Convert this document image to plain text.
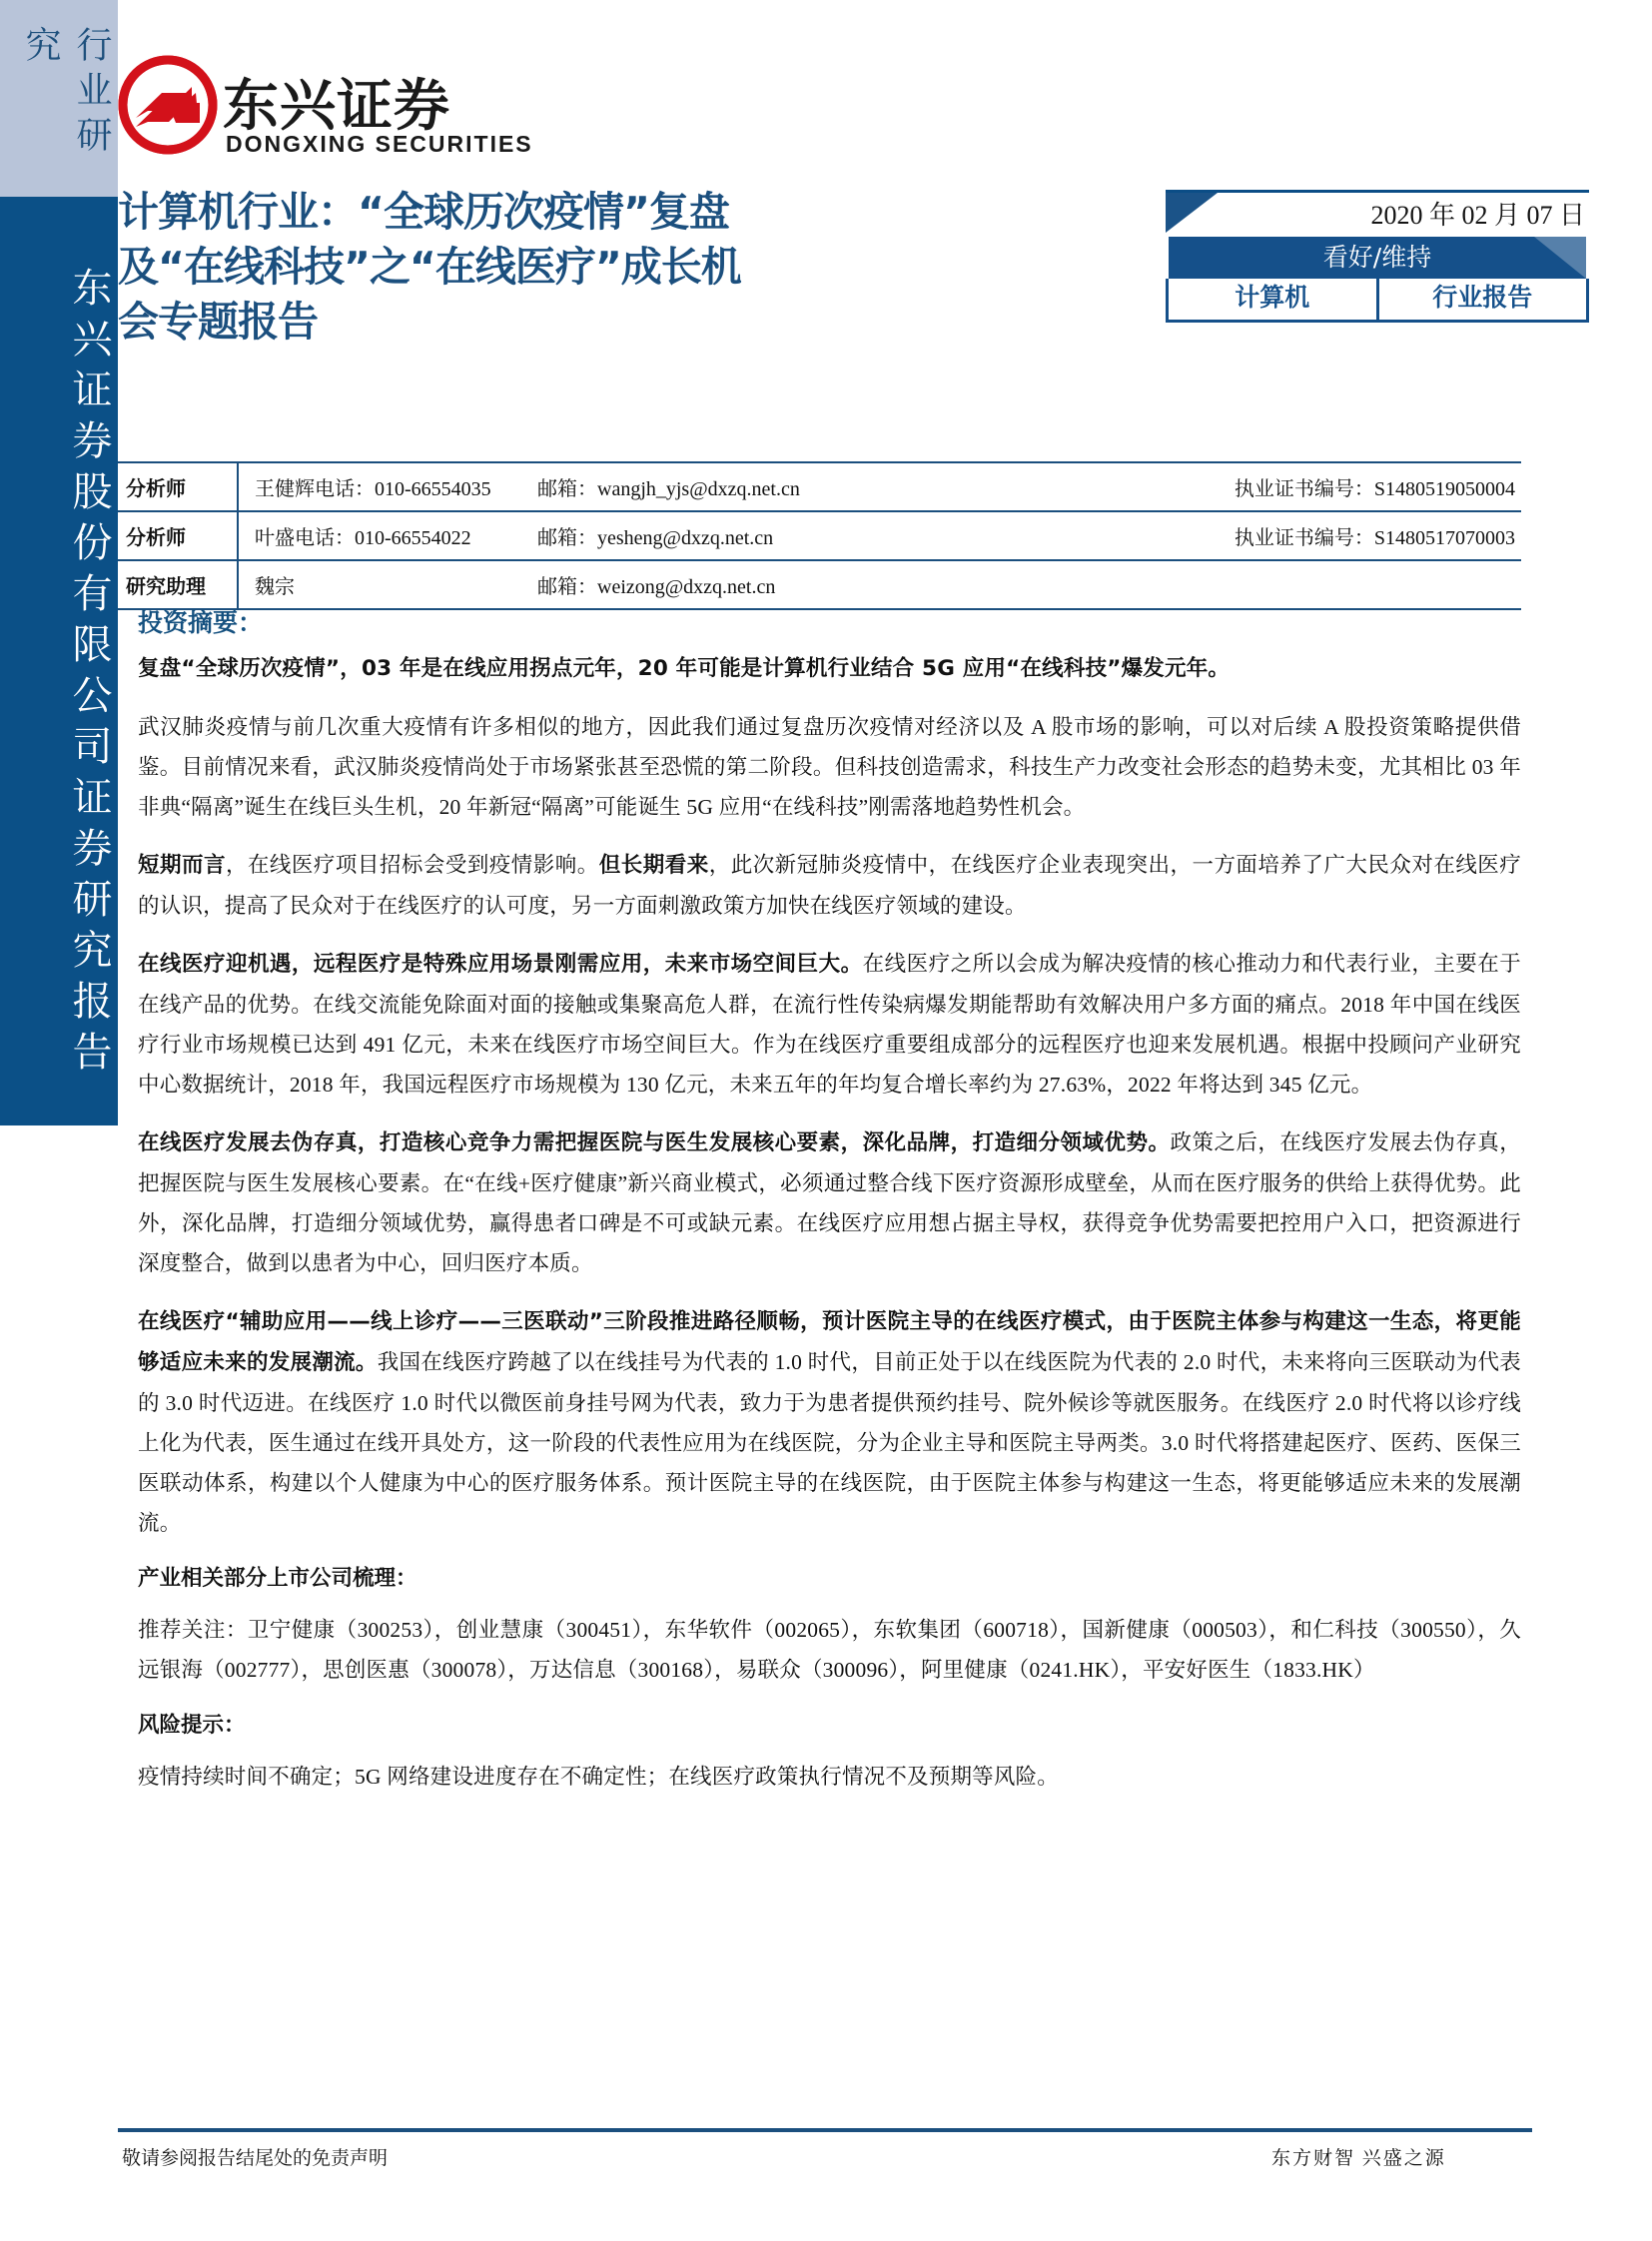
行业研究
东兴证券股份有限公司证券研究报告
东兴证券
DONGXING SECURITIES
计算机行业：“全球历次疫情”复盘及“在线科技”之“在线医疗”成长机会专题报告
2020 年 02 月 07 日
看好/维持
计算机	行业报告
分析师	王健辉电话：010-66554035	邮箱：wangjh_yjs@dxzq.net.cn	执业证书编号：S1480519050004
分析师	叶盛电话：010-66554022	邮箱：yesheng@dxzq.net.cn	执业证书编号：S1480517070003
研究助理	魏宗	邮箱：weizong@dxzq.net.cn	
投资摘要：

复盘“全球历次疫情”，03 年是在线应用拐点元年，20 年可能是计算机行业结合 5G 应用“在线科技”爆发元年。

武汉肺炎疫情与前几次重大疫情有许多相似的地方，因此我们通过复盘历次疫情对经济以及 A 股市场的影响，可以对后续 A 股投资策略提供借鉴。目前情况来看，武汉肺炎疫情尚处于市场紧张甚至恐慌的第二阶段。但科技创造需求，科技生产力改变社会形态的趋势未变，尤其相比 03 年非典“隔离”诞生在线巨头生机，20 年新冠“隔离”可能诞生 5G 应用“在线科技”刚需落地趋势性机会。

短期而言，在线医疗项目招标会受到疫情影响。但长期看来，此次新冠肺炎疫情中，在线医疗企业表现突出，一方面培养了广大民众对在线医疗的认识，提高了民众对于在线医疗的认可度，另一方面刺激政策方加快在线医疗领域的建设。

在线医疗迎机遇，远程医疗是特殊应用场景刚需应用，未来市场空间巨大。在线医疗之所以会成为解决疫情的核心推动力和代表行业，主要在于在线产品的优势。在线交流能免除面对面的接触或集聚高危人群，在流行性传染病爆发期能帮助有效解决用户多方面的痛点。2018 年中国在线医疗行业市场规模已达到 491 亿元，未来在线医疗市场空间巨大。作为在线医疗重要组成部分的远程医疗也迎来发展机遇。根据中投顾问产业研究中心数据统计，2018 年，我国远程医疗市场规模为 130 亿元，未来五年的年均复合增长率约为 27.63%，2022 年将达到 345 亿元。

在线医疗发展去伪存真，打造核心竞争力需把握医院与医生发展核心要素，深化品牌，打造细分领域优势。政策之后，在线医疗发展去伪存真，把握医院与医生发展核心要素。在“在线+医疗健康”新兴商业模式，必须通过整合线下医疗资源形成壁垒，从而在医疗服务的供给上获得优势。此外，深化品牌，打造细分领域优势，赢得患者口碑是不可或缺元素。在线医疗应用想占据主导权，获得竞争优势需要把控用户入口，把资源进行深度整合，做到以患者为中心，回归医疗本质。

在线医疗“辅助应用——线上诊疗——三医联动”三阶段推进路径顺畅，预计医院主导的在线医疗模式，由于医院主体参与构建这一生态，将更能够适应未来的发展潮流。我国在线医疗跨越了以在线挂号为代表的 1.0 时代，目前正处于以在线医院为代表的 2.0 时代，未来将向三医联动为代表的 3.0 时代迈进。在线医疗 1.0 时代以微医前身挂号网为代表，致力于为患者提供预约挂号、院外候诊等就医服务。在线医疗 2.0 时代将以诊疗线上化为代表，医生通过在线开具处方，这一阶段的代表性应用为在线医院，分为企业主导和医院主导两类。3.0 时代将搭建起医疗、医药、医保三医联动体系，构建以个人健康为中心的医疗服务体系。预计医院主导的在线医院，由于医院主体参与构建这一生态，将更能够适应未来的发展潮流。

产业相关部分上市公司梳理：

推荐关注：卫宁健康（300253），创业慧康（300451），东华软件（002065），东软集团（600718），国新健康（000503），和仁科技（300550），久远银海（002777），思创医惠（300078），万达信息（300168），易联众（300096），阿里健康（0241.HK），平安好医生（1833.HK）

风险提示：

疫情持续时间不确定；5G 网络建设进度存在不确定性；在线医疗政策执行情况不及预期等风险。

敬请参阅报告结尾处的免责声明	东方财智 兴盛之源
